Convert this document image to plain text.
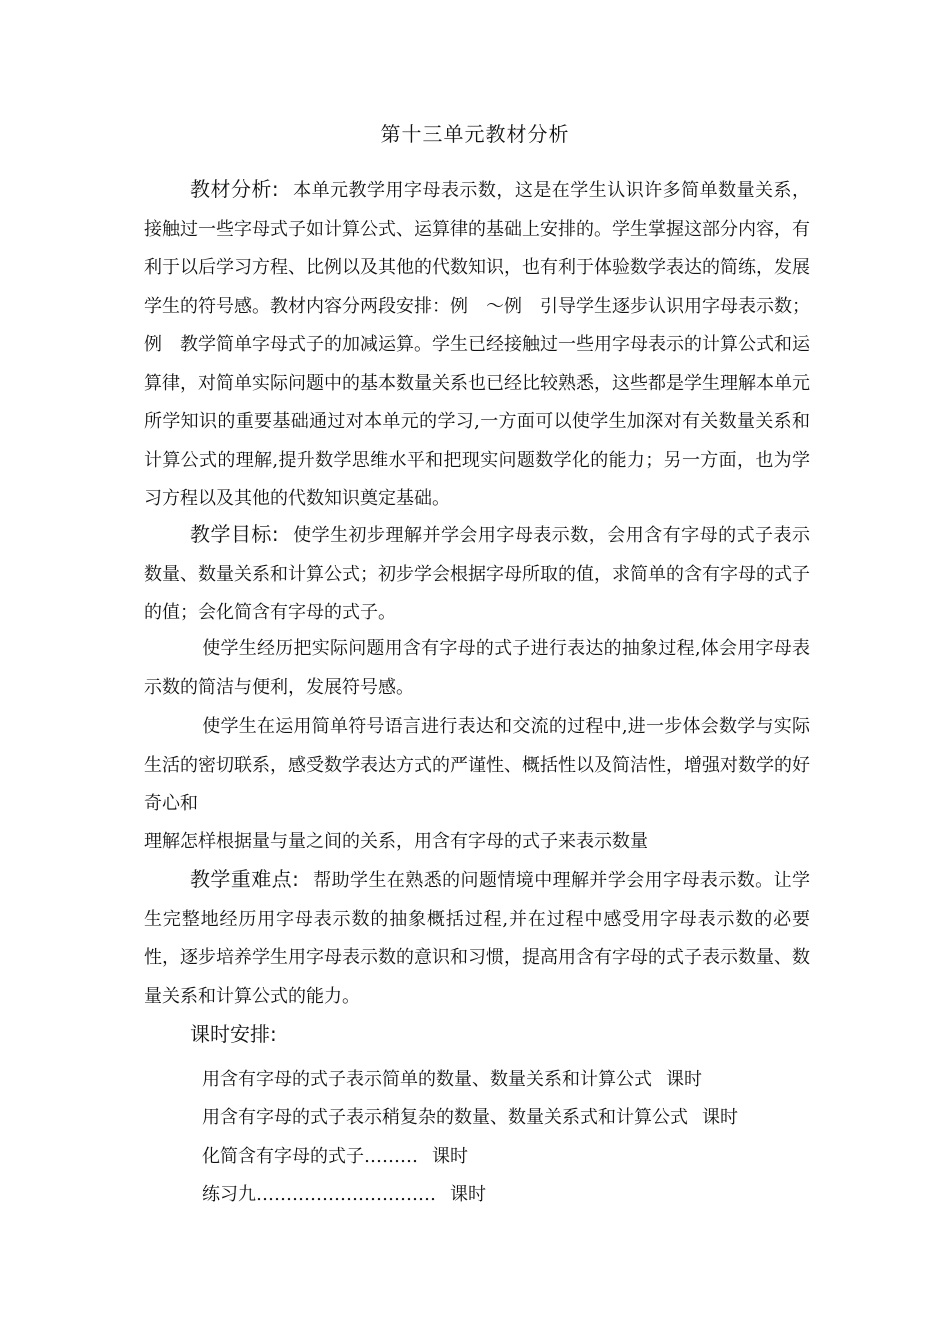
第十三单元教材分析
教材分析: 本单元教学用字母表示数，这是在学生认识许多简单数量关系，接触过一些字母式子如计算公式、运算律的基础上安排的。学生掌握这部分内容，有利于以后学习方程、比例以及其他的代数知识，也有利于体验数学表达的简练，发展学生的符号感。教材内容分两段安排：例　～例　引导学生逐步认识用字母表示数；例　教学简单字母式子的加减运算。学生已经接触过一些用字母表示的计算公式和运算律，对简单实际问题中的基本数量关系也已经比较熟悉，这些都是学生理解本单元所学知识的重要基础通过对本单元的学习,一方面可以使学生加深对有关数量关系和计算公式的理解,提升数学思维水平和把现实问题数学化的能力；另一方面，也为学习方程以及其他的代数知识奠定基础。
教学目标: 使学生初步理解并学会用字母表示数，会用含有字母的式子表示数量、数量关系和计算公式；初步学会根据字母所取的值，求简单的含有字母的式子的值；会化简含有字母的式子。
使学生经历把实际问题用含有字母的式子进行表达的抽象过程,体会用字母表示数的简洁与便利，发展符号感。
使学生在运用简单符号语言进行表达和交流的过程中,进一步体会数学与实际生活的密切联系，感受数学表达方式的严谨性、概括性以及简洁性，增强对数学的好奇心和
理解怎样根据量与量之间的关系，用含有字母的式子来表示数量
教学重难点: 帮助学生在熟悉的问题情境中理解并学会用字母表示数。让学生完整地经历用字母表示数的抽象概括过程,并在过程中感受用字母表示数的必要性，逐步培养学生用字母表示数的意识和习惯，提高用含有字母的式子表示数量、数量关系和计算公式的能力。
课时安排:
用含有字母的式子表示简单的数量、数量关系和计算公式 课时
用含有字母的式子表示稍复杂的数量、数量关系式和计算公式 课时
化简含有字母的式子……… 课时
练习九………………………… 课时
